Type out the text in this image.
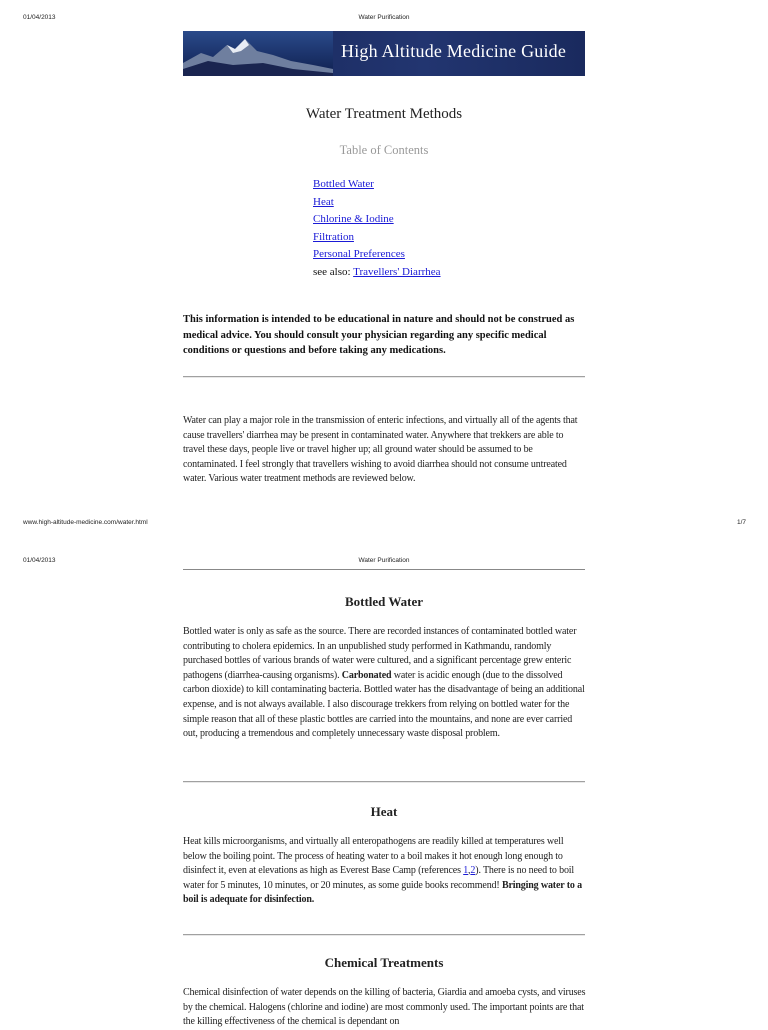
01/04/2013	Water Purification
High Altitude Medicine Guide
Water Treatment Methods
Table of Contents
Bottled Water
Heat
Chlorine & Iodine
Filtration
Personal Preferences
see also: Travellers' Diarrhea
This information is intended to be educational in nature and should not be construed as medical advice. You should consult your physician regarding any specific medical conditions or questions and before taking any medications.
Water can play a major role in the transmission of enteric infections, and virtually all of the agents that cause travellers' diarrhea may be present in contaminated water. Anywhere that trekkers are able to travel these days, people live or travel higher up; all ground water should be assumed to be contaminated. I feel strongly that travellers wishing to avoid diarrhea should not consume untreated water. Various water treatment methods are reviewed below.
www.high-altitude-medicine.com/water.html	1/7
01/04/2013	Water Purification
Bottled Water
Bottled water is only as safe as the source. There are recorded instances of contaminated bottled water contributing to cholera epidemics. In an unpublished study performed in Kathmandu, randomly purchased bottles of various brands of water were cultured, and a significant percentage grew enteric pathogens (diarrhea-causing organisms). Carbonated water is acidic enough (due to the dissolved carbon dioxide) to kill contaminating bacteria. Bottled water has the disadvantage of being an additional expense, and is not always available. I also discourage trekkers from relying on bottled water for the simple reason that all of these plastic bottles are carried into the mountains, and none are ever carried out, producing a tremendous and completely unnecessary waste disposal problem.
Heat
Heat kills microorganisms, and virtually all enteropathogens are readily killed at temperatures well below the boiling point. The process of heating water to a boil makes it hot enough long enough to disinfect it, even at elevations as high as Everest Base Camp (references 1,2). There is no need to boil water for 5 minutes, 10 minutes, or 20 minutes, as some guide books recommend! Bringing water to a boil is adequate for disinfection.
Chemical Treatments
Chemical disinfection of water depends on the killing of bacteria, Giardia and amoeba cysts, and viruses by the chemical. Halogens (chlorine and iodine) are most commonly used. The important points are that the killing effectiveness of the chemical is dependant on
